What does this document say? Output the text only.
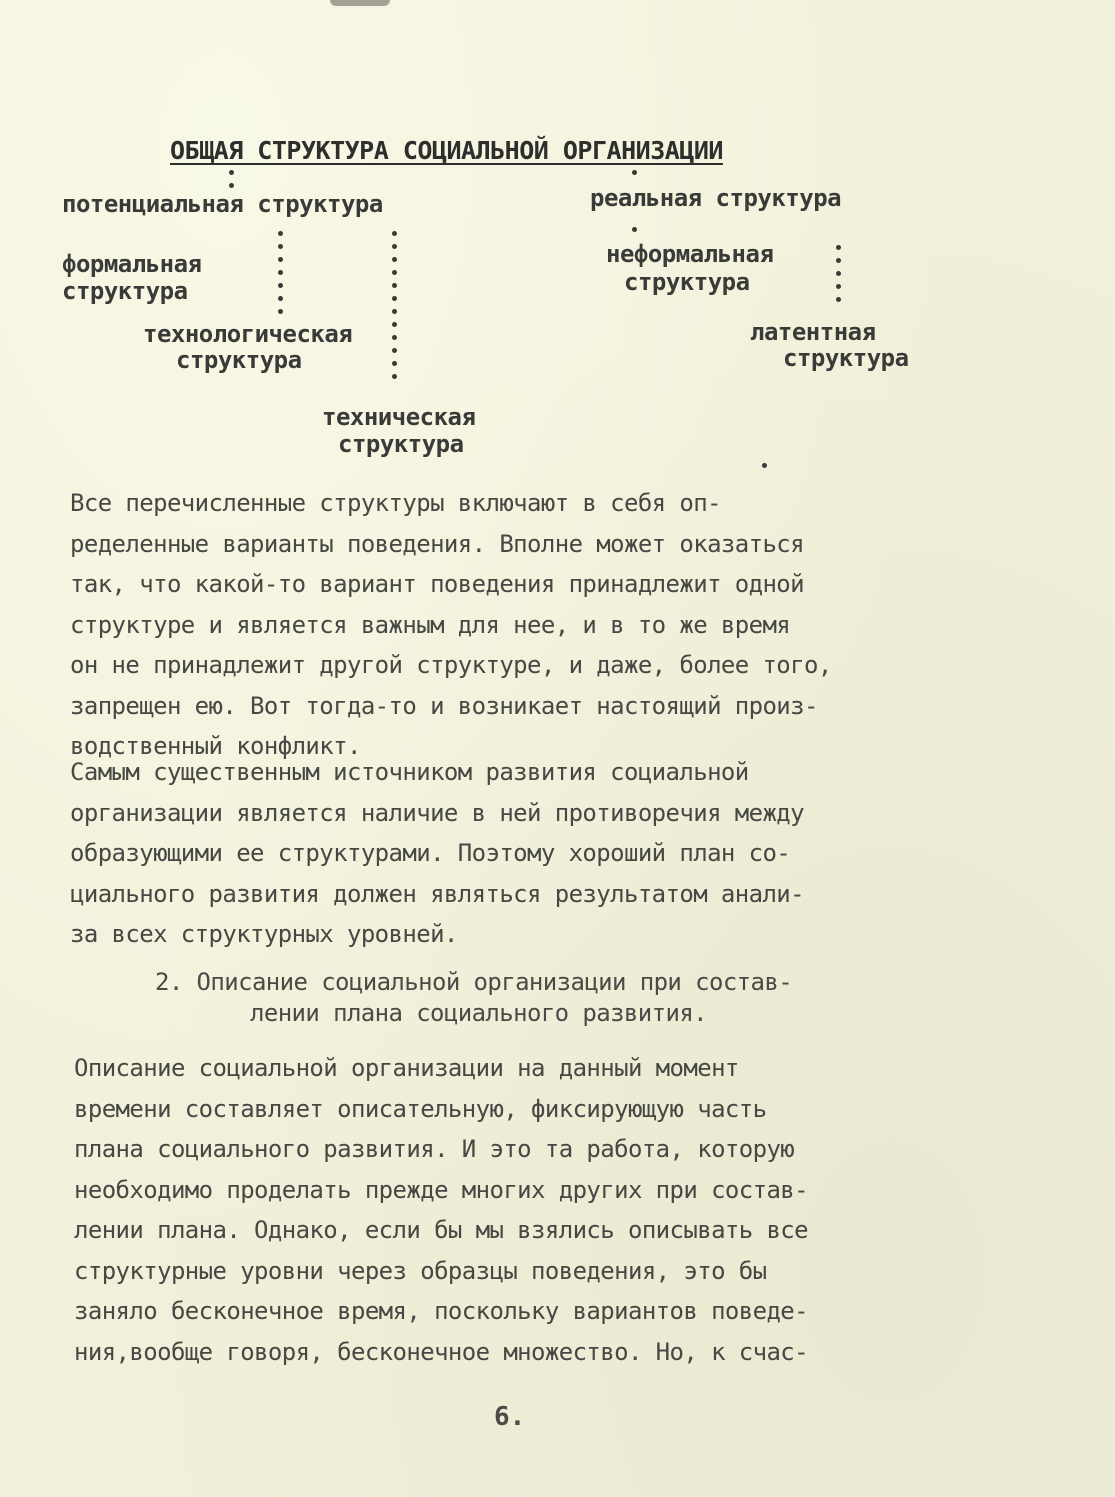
ОБЩАЯ СТРУКТУРА СОЦИАЛЬНОЙ ОРГАНИЗАЦИИ
потенциальная структура	реальная структура
формальная
структура
неформальная
структура
технологическая
структура
латентная
структура
техническая
структура
Все перечисленные структуры включают в себя оп-
ределенные варианты поведения. Вполне может оказаться
так, что какой-то вариант поведения принадлежит одной
структуре и является важным для нее, и в то же время
он не принадлежит другой структуре, и даже, более того,
запрещен ею. Вот тогда-то и возникает настоящий произ-
водственный конфликт.
Самым существенным источником развития социальной
организации является наличие в ней противоречия между
образующими ее структурами. Поэтому хороший план со-
циального развития должен являться результатом анали-
за всех структурных уровней.
2. Описание социальной организации при состав-
лении плана социального развития.
Описание социальной организации на данный момент
времени составляет описательную, фиксирующую часть
плана социального развития. И это та работа, которую
необходимо проделать прежде многих других при состав-
лении плана. Однако, если бы мы взялись описывать все
структурные уровни через образцы поведения, это бы
заняло бесконечное время, поскольку вариантов поведе-
ния,вообще говоря, бесконечное множество. Но, к счас-
6.
